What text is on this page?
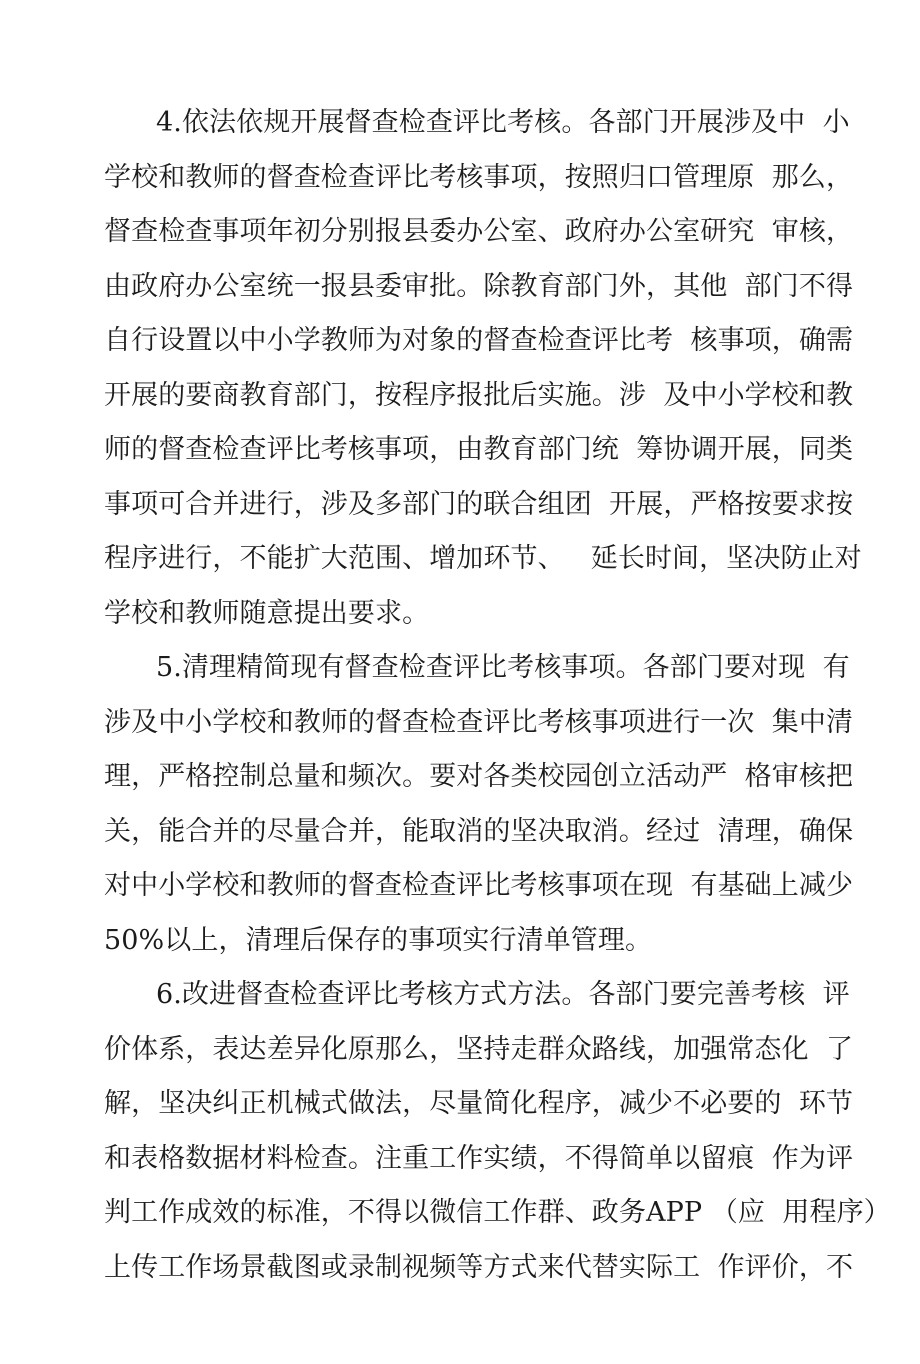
4.依法依规开展督查检查评比考核。各部门开展涉及中  小
学校和教师的督查检查评比考核事项，按照归口管理原  那么，
督查检查事项年初分别报县委办公室、政府办公室研究  审核，
由政府办公室统一报县委审批。除教育部门外，其他  部门不得
自行设置以中小学教师为对象的督查检查评比考  核事项，确需
开展的要商教育部门，按程序报批后实施。涉  及中小学校和教
师的督查检查评比考核事项，由教育部门统  筹协调开展，同类
事项可合并进行，涉及多部门的联合组团  开展，严格按要求按
程序进行，不能扩大范围、增加环节、   延长时间，坚决防止对
学校和教师随意提出要求。
5.清理精简现有督查检查评比考核事项。各部门要对现  有
涉及中小学校和教师的督查检查评比考核事项进行一次  集中清
理，严格控制总量和频次。要对各类校园创立活动严  格审核把
关，能合并的尽量合并，能取消的坚决取消。经过  清理，确保
对中小学校和教师的督查检查评比考核事项在现  有基础上减少
50%以上，清理后保存的事项实行清单管理。
6.改进督查检查评比考核方式方法。各部门要完善考核  评
价体系，表达差异化原那么，坚持走群众路线，加强常态化  了
解，坚决纠正机械式做法，尽量简化程序，减少不必要的  环节
和表格数据材料检查。注重工作实绩，不得简单以留痕  作为评
判工作成效的标准，不得以微信工作群、政务APP （应  用程序）
上传工作场景截图或录制视频等方式来代替实际工  作评价，不
